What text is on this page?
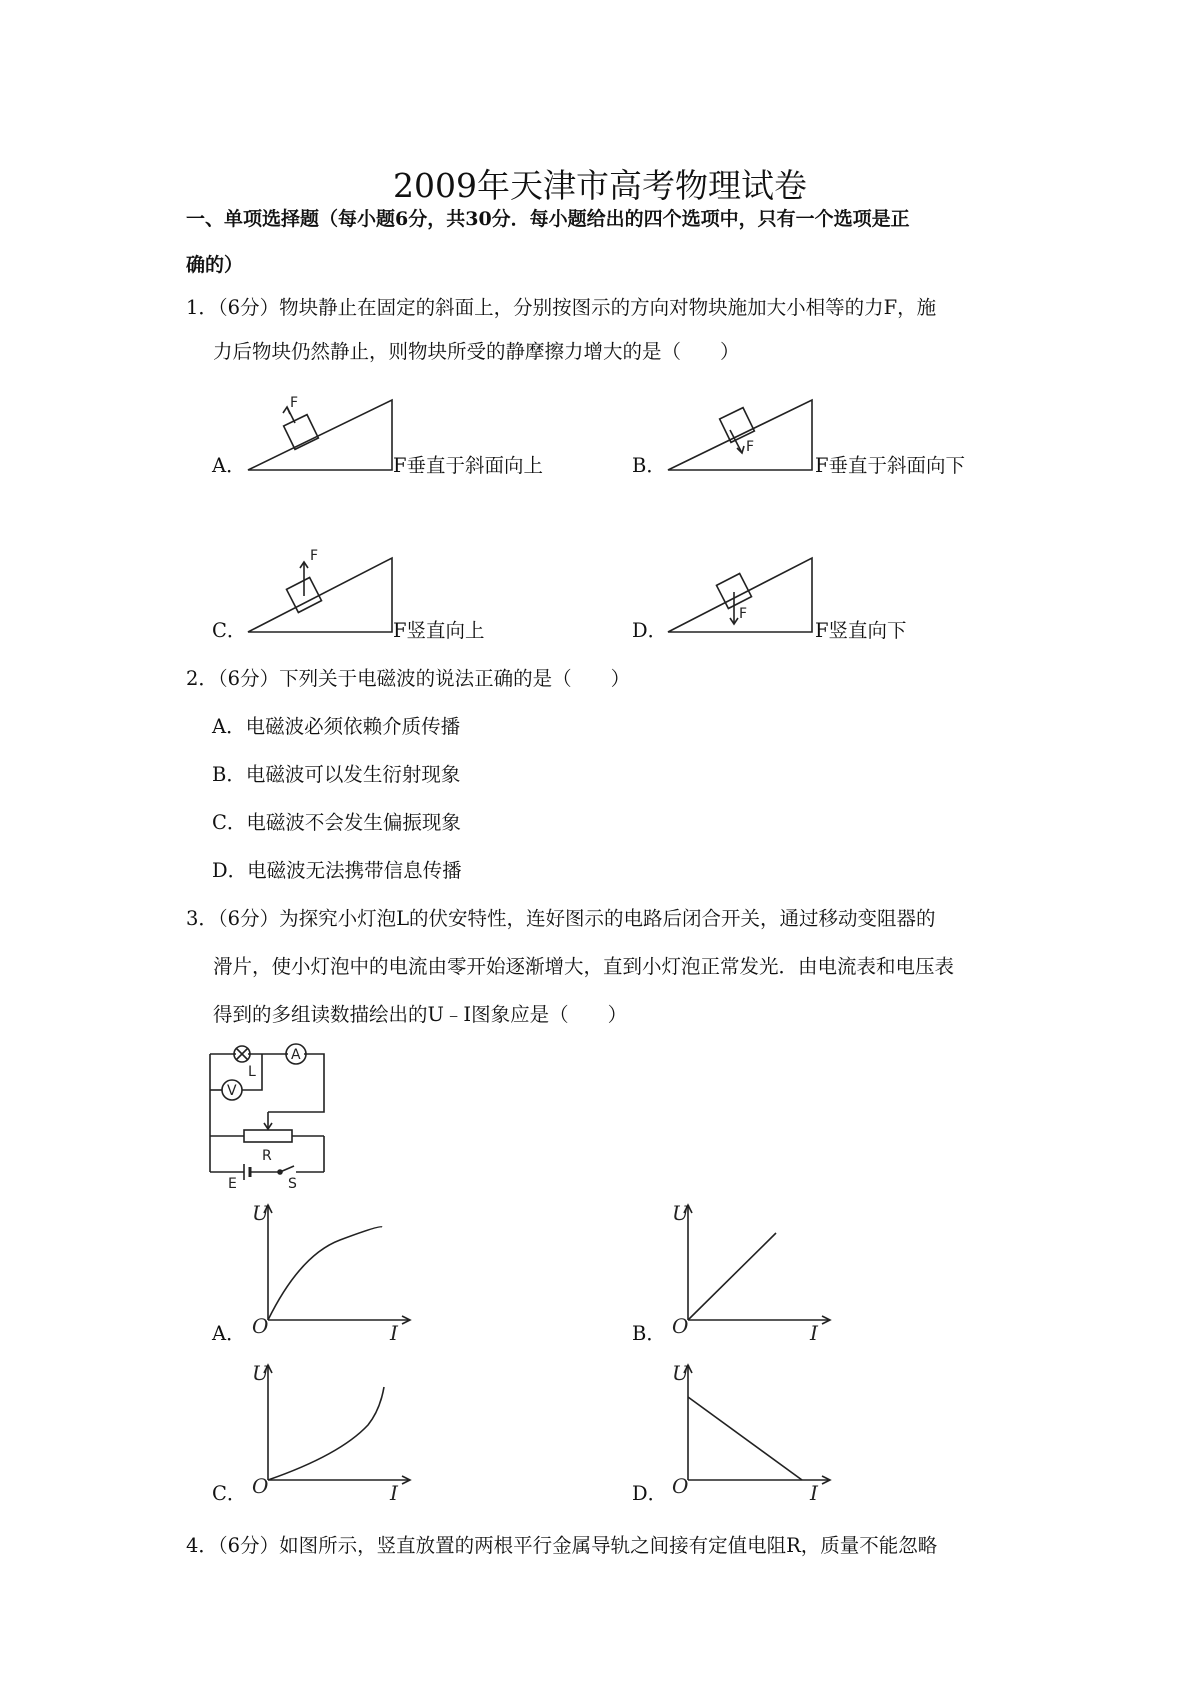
2009年天津市高考物理试卷
一、单项选择题（每小题6分，共30分．每小题给出的四个选项中，只有一个选项是正
确的）
1．（6分）物块静止在固定的斜面上，分别按图示的方向对物块施加大小相等的力F，施
力后物块仍然静止，则物块所受的静摩擦力增大的是（　　）
A．
F
F垂直于斜面向上	B．
F
F垂直于斜面向下
C．
F
F竖直向上	D．
F
F竖直向下
2．（6分）下列关于电磁波的说法正确的是（　　）
A．电磁波必须依赖介质传播
B．电磁波可以发生衍射现象
C．电磁波不会发生偏振现象
D．电磁波无法携带信息传播
3．（6分）为探究小灯泡L的伏安特性，连好图示的电路后闭合开关，通过移动变阻器的
滑片，使小灯泡中的电流由零开始逐渐增大，直到小灯泡正常发光．由电流表和电压表
得到的多组读数描绘出的U﹣I图象应是（　　）
A
V
L
R
E	S
A．
U
O	I	B．
U
O	I
C．
U
O	I	D．
U
O	I
4．（6分）如图所示，竖直放置的两根平行金属导轨之间接有定值电阻R，质量不能忽略
